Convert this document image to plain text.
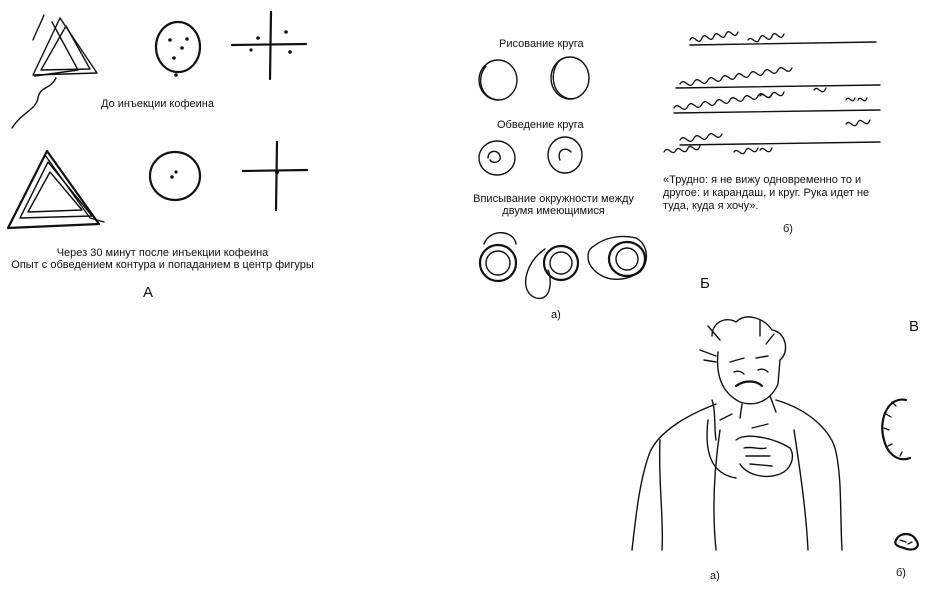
До инъекции кофеина
Через 30 минут после инъекции кофеина
Опыт с обведением контура и попаданием в центр фигуры
А
Рисование круга
Обведение круга
Вписывание окружности между
двумя имеющимися
а)
«Трудно: я не вижу одновременно то и другое: и карандаш, и круг. Рука идет не туда, куда я хочу».
б)
Б
В
а)	б)
